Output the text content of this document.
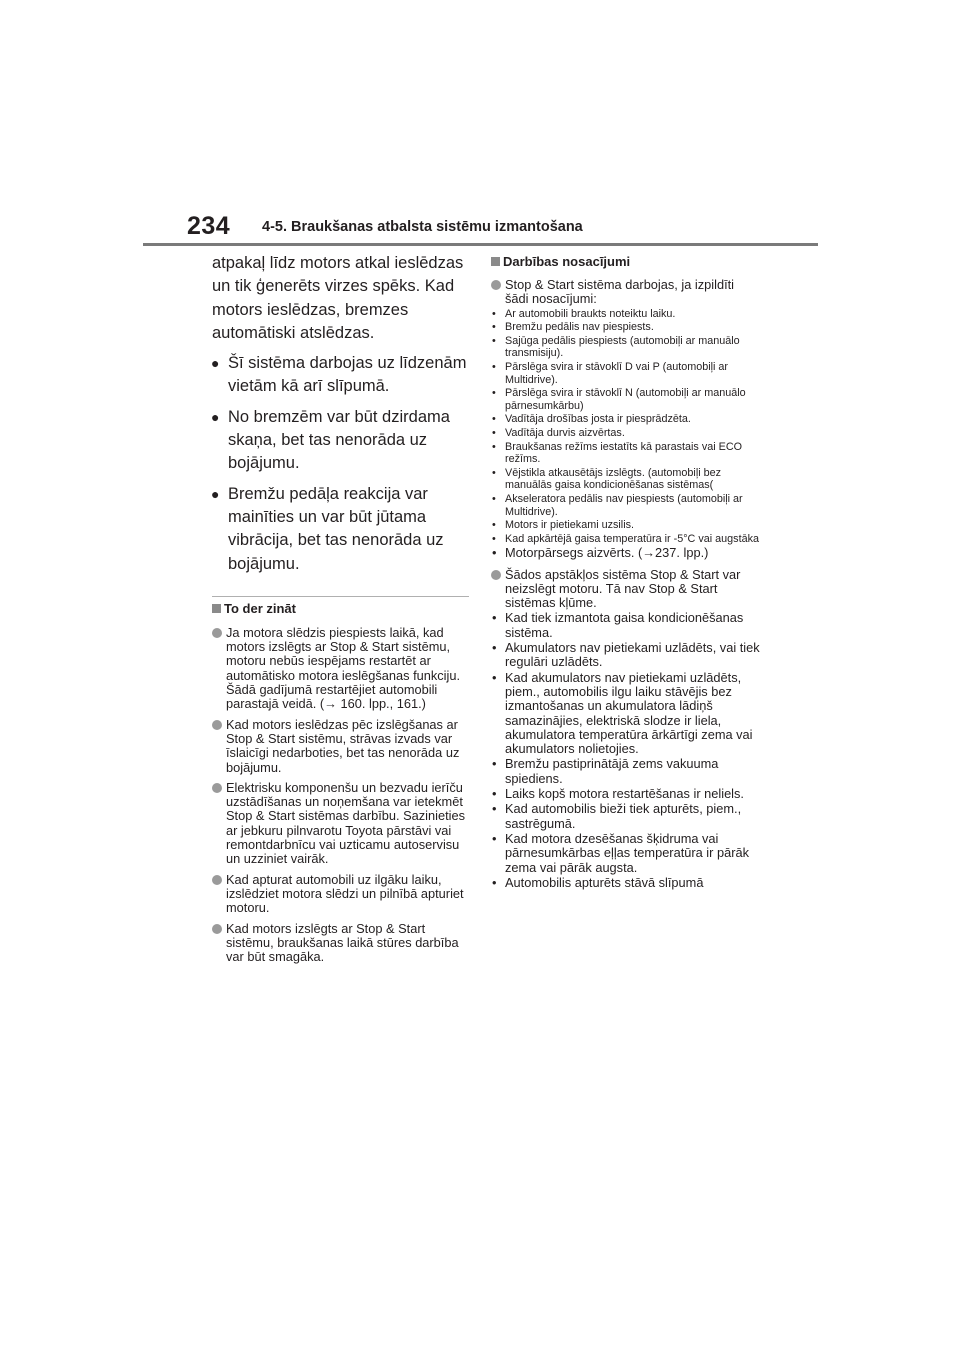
234 4-5. Braukšanas atbalsta sistēmu izmantošana

atpakaļ līdz motors atkal ieslēdzas un tik ģenerēts virzes spēks. Kad motors ieslēdzas, bremzes automātiski atslēdzas.

● Šī sistēma darbojas uz līdzenām vietām kā arī slīpumā.
● No bremzēm var būt dzirdama skaņa, bet tas nenorāda uz bojājumu.
● Bremžu pedāļa reakcija var mainīties un var būt jūtama vibrācija, bet tas nenorāda uz bojājumu.
To der zināt
Ja motora slēdzis piespiests laikā, kad motors izslēgts ar Stop & Start sistēmu, motoru nebūs iespējams restartēt ar automātisko motora ieslēgšanas funkciju. Šādā gadījumā restartējiet automobili parastajā veidā. (→ 160. lpp., 161.)
Kad motors ieslēdzas pēc izslēgšanas ar Stop & Start sistēmu, strāvas izvads var īslaicīgi nedarboties, bet tas nenorāda uz bojājumu.
Elektrisku komponenšu un bezvadu ierīču uzstādīšanas un noņemšana var ietekmēt Stop & Start sistēmas darbību. Sazinieties ar jebkuru pilnvarotu Toyota pārstāvi vai remontdarbnīcu vai uzticamu autoservisu un uzziniet vairāk.
Kad apturat automobili uz ilgāku laiku, izslēdziet motora slēdzi un pilnībā apturiet motoru.
Kad motors izslēgts ar Stop & Start sistēmu, braukšanas laikā stūres darbība var būt smagāka.
Darbības nosacījumi
Stop & Start sistēma darbojas, ja izpildīti šādi nosacījumi:
• Ar automobili braukts noteiktu laiku.
• Bremžu pedālis nav piespiests.
• Sajūga pedālis piespiests (automobiļi ar manuālo transmisiju).
• Pārslēga svira ir stāvoklī D vai P (automobiļi ar Multidrive).
• Pārslēga svira ir stāvoklī N (automobiļi ar manuālo pārnesumkārbu)
• Vadītāja drošības josta ir piesprādzēta.
• Vadītāja durvis aizvērtas.
• Braukšanas režīms iestatīts kā parastais vai ECO režīms.
• Vējstikla atkausētājs izslēgts. (automobiļi bez manuālās gaisa kondicionēšanas sistēmas(
• Akseleratora pedālis nav piespiests (automobiļi ar Multidrive).
• Motors ir pietiekami uzsilis.
• Kad apkārtējā gaisa temperatūra ir -5°C vai augstāka
• Motorpārsegs aizvērts. (→237. lpp.)
Šādos apstākļos sistēma Stop & Start var neizslēgt motoru. Tā nav Stop & Start sistēmas kļūme.
• Kad tiek izmantota gaisa kondicionēšanas sistēma.
• Akumulators nav pietiekami uzlādēts, vai tiek regulāri uzlādēts.
• Kad akumulators nav pietiekami uzlādēts, piem., automobilis ilgu laiku stāvējis bez izmantošanas un akumulatora lādiņš samazinājies, elektriskā slodze ir liela, akumulatora temperatūra ārkārtīgi zema vai akumulators nolietojies.
• Bremžu pastiprinātājā zems vakuuma spiediens.
• Laiks kopš motora restartēšanas ir neliels.
• Kad automobilis bieži tiek apturēts, piem., sastrēgumā.
• Kad motora dzesēšanas šķidruma vai pārnesumkārbas eļļas temperatūra ir pārāk zema vai pārāk augsta.
• Automobilis apturēts stāvā slīpumā
